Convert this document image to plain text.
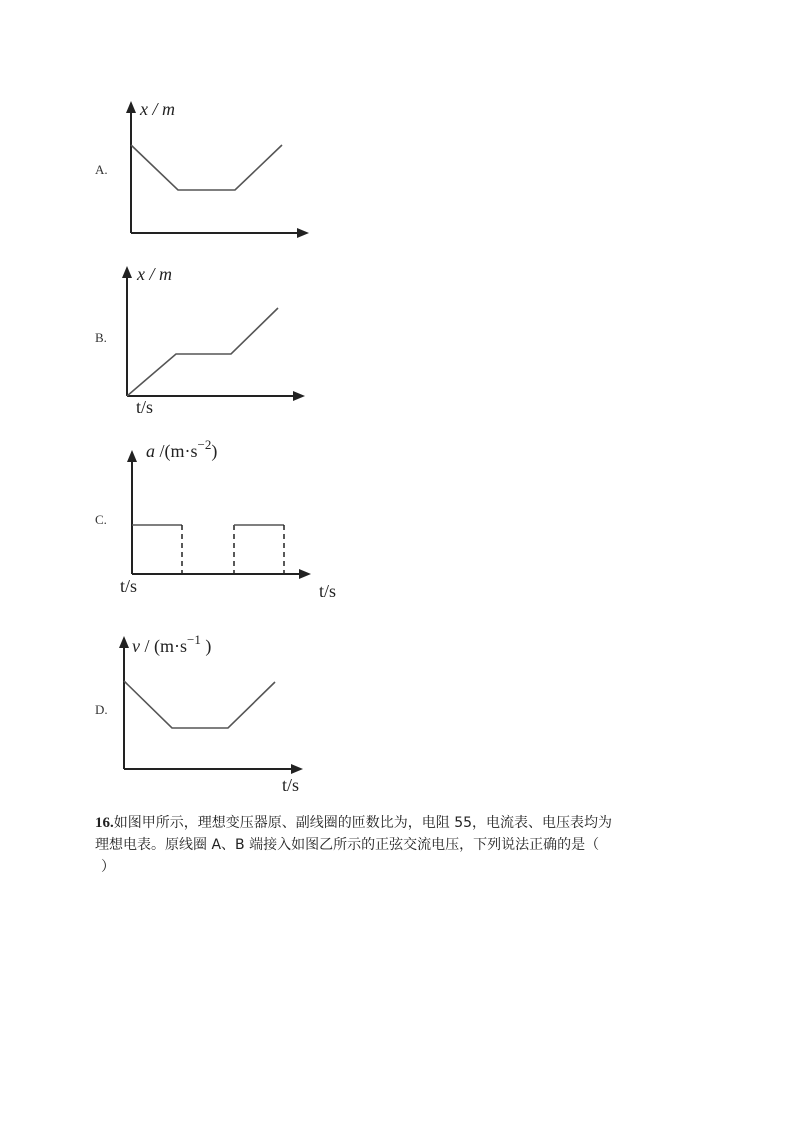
A.
x / m
B.
x / m
t/s
C.
a $/(m\cdot s^{-2})$
t/s	t/s
D.
$v / (m\cdot s^{-1}$ )
t/s
16.如图甲所示，理想变压器原、副线圈的匝数比为，电阻 55，电流表、电压表均为
理想电表。原线圈 A、B 端接入如图乙所示的正弦交流电压，下列说法正确的是（
）
